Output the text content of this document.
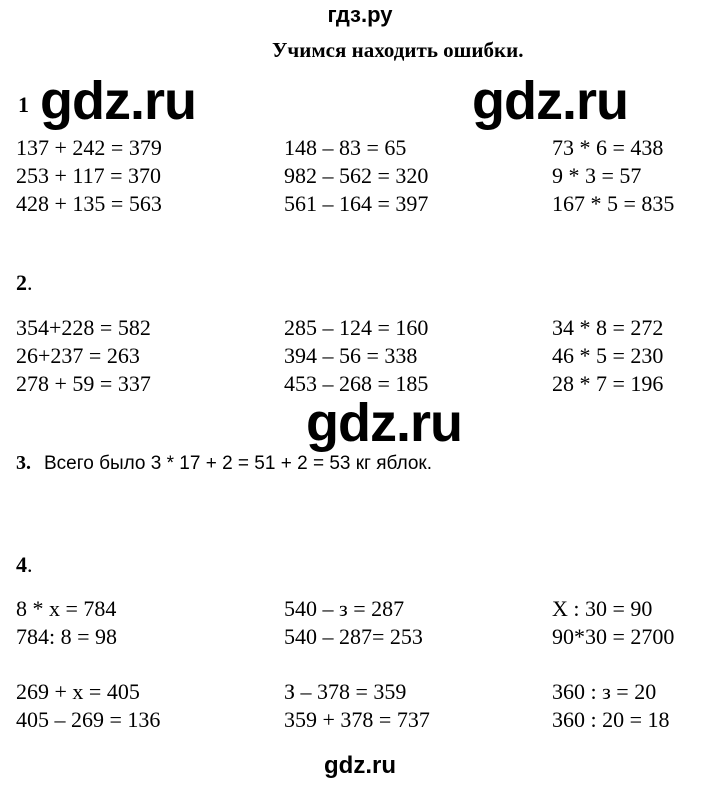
гдз.ру
Учимся находить ошибки.
1 gdz.ru	gdz.ru
137 + 242 = 379
253 + 117 = 370
428 + 135 = 563
148 – 83 = 65
982 – 562 = 320
561 – 164 = 397
73 * 6 = 438
9 * 3 = 57
167 * 5 = 835
2.
354+228 = 582
26+237 = 263
278 + 59 = 337
285 – 124 = 160
394 – 56 = 338
453 – 268 = 185
34 * 8 = 272
46 * 5 = 230
28 * 7 = 196
gdz.ru
3. Всего было 3 * 17 + 2 = 51 + 2 = 53 кг яблок.
4.
8 * x = 784
784: 8 = 98
540 – з = 287
540 – 287= 253
X : 30 = 90
90*30 = 2700
269 + x = 405
405 – 269 = 136
З – 378 = 359
359 + 378 = 737
360 : з = 20
360 : 20 = 18
gdz.ru
